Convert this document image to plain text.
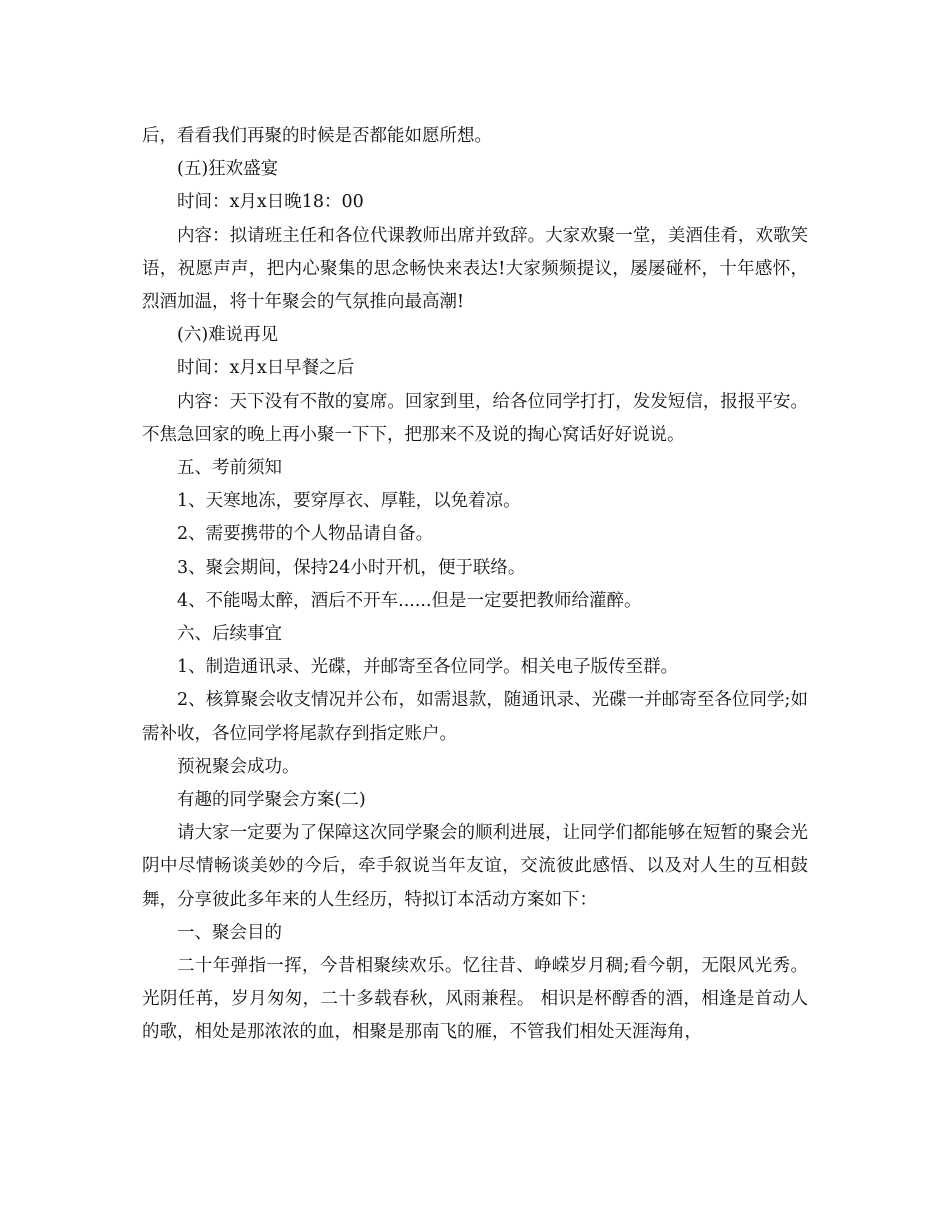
后，看看我们再聚的时候是否都能如愿所想。

(五)狂欢盛宴

时间：x月x日晚18：00

内容：拟请班主任和各位代课教师出席并致辞。大家欢聚一堂，美酒佳肴，欢歌笑语，祝愿声声，把内心聚集的思念畅快来表达!大家频频提议，屡屡碰杯，十年感怀，烈酒加温，将十年聚会的气氛推向最高潮!

(六)难说再见

时间：x月x日早餐之后

内容：天下没有不散的宴席。回家到里，给各位同学打打，发发短信，报报平安。不焦急回家的晚上再小聚一下下，把那来不及说的掏心窝话好好说说。

五、考前须知

1、天寒地冻，要穿厚衣、厚鞋，以免着凉。

2、需要携带的个人物品请自备。

3、聚会期间，保持24小时开机，便于联络。

4、不能喝太醉，酒后不开车......但是一定要把教师给灌醉。

六、后续事宜

1、制造通讯录、光碟，并邮寄至各位同学。相关电子版传至群。

2、核算聚会收支情况并公布，如需退款，随通讯录、光碟一并邮寄至各位同学;如需补收，各位同学将尾款存到指定账户。

预祝聚会成功。

有趣的同学聚会方案(二)

请大家一定要为了保障这次同学聚会的顺利进展，让同学们都能够在短暂的聚会光阴中尽情畅谈美妙的今后，牵手叙说当年友谊，交流彼此感悟、以及对人生的互相鼓舞，分享彼此多年来的人生经历，特拟订本活动方案如下：

一、聚会目的

二十年弹指一挥，今昔相聚续欢乐。忆往昔、峥嵘岁月稠;看今朝，无限风光秀。光阴任苒，岁月匆匆，二十多载春秋，风雨兼程。 相识是杯醇香的酒，相逢是首动人的歌，相处是那浓浓的血，相聚是那南飞的雁，不管我们相处天涯海角，
